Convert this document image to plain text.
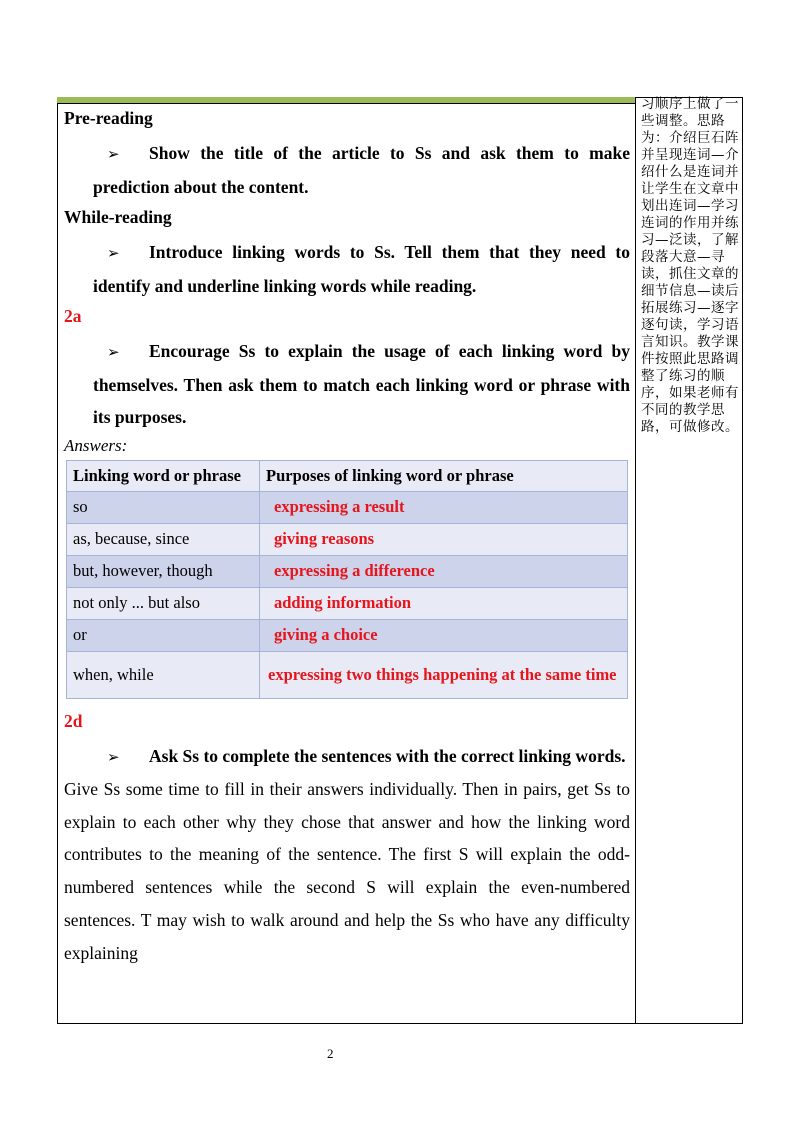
Pre-reading
➢ Show the title of the article to Ss and ask them to make prediction about the content.
While-reading
➢ Introduce linking words to Ss. Tell them that they need to identify and underline linking words while reading.
2a
➢ Encourage Ss to explain the usage of each linking word by themselves. Then ask them to match each linking word or phrase with its purposes.
Answers:
Linking word or phrase	Purposes of linking word or phrase
so	expressing a result
as, because, since	giving reasons
but, however, though	expressing a difference
not only ... but also	adding information
or	giving a choice
when, while	expressing two things happening at the same time
2d
➢ Ask Ss to complete the sentences with the correct linking words.
Give Ss some time to fill in their answers individually. Then in pairs, get Ss to explain to each other why they chose that answer and how the linking word contributes to the meaning of the sentence. The first S will explain the odd-numbered sentences while the second S will explain the even-numbered sentences. T may wish to walk around and help the Ss who have any difficulty explaining
习顺序上做了一些调整。思路为：介绍巨石阵并呈现连词—介绍什么是连词并让学生在文章中划出连词—学习连词的作用并练习—泛读，了解段落大意—寻读，抓住文章的细节信息—读后拓展练习—逐字逐句读，学习语言知识。教学课件按照此思路调整了练习的顺序，如果老师有不同的教学思路，可做修改。
2
